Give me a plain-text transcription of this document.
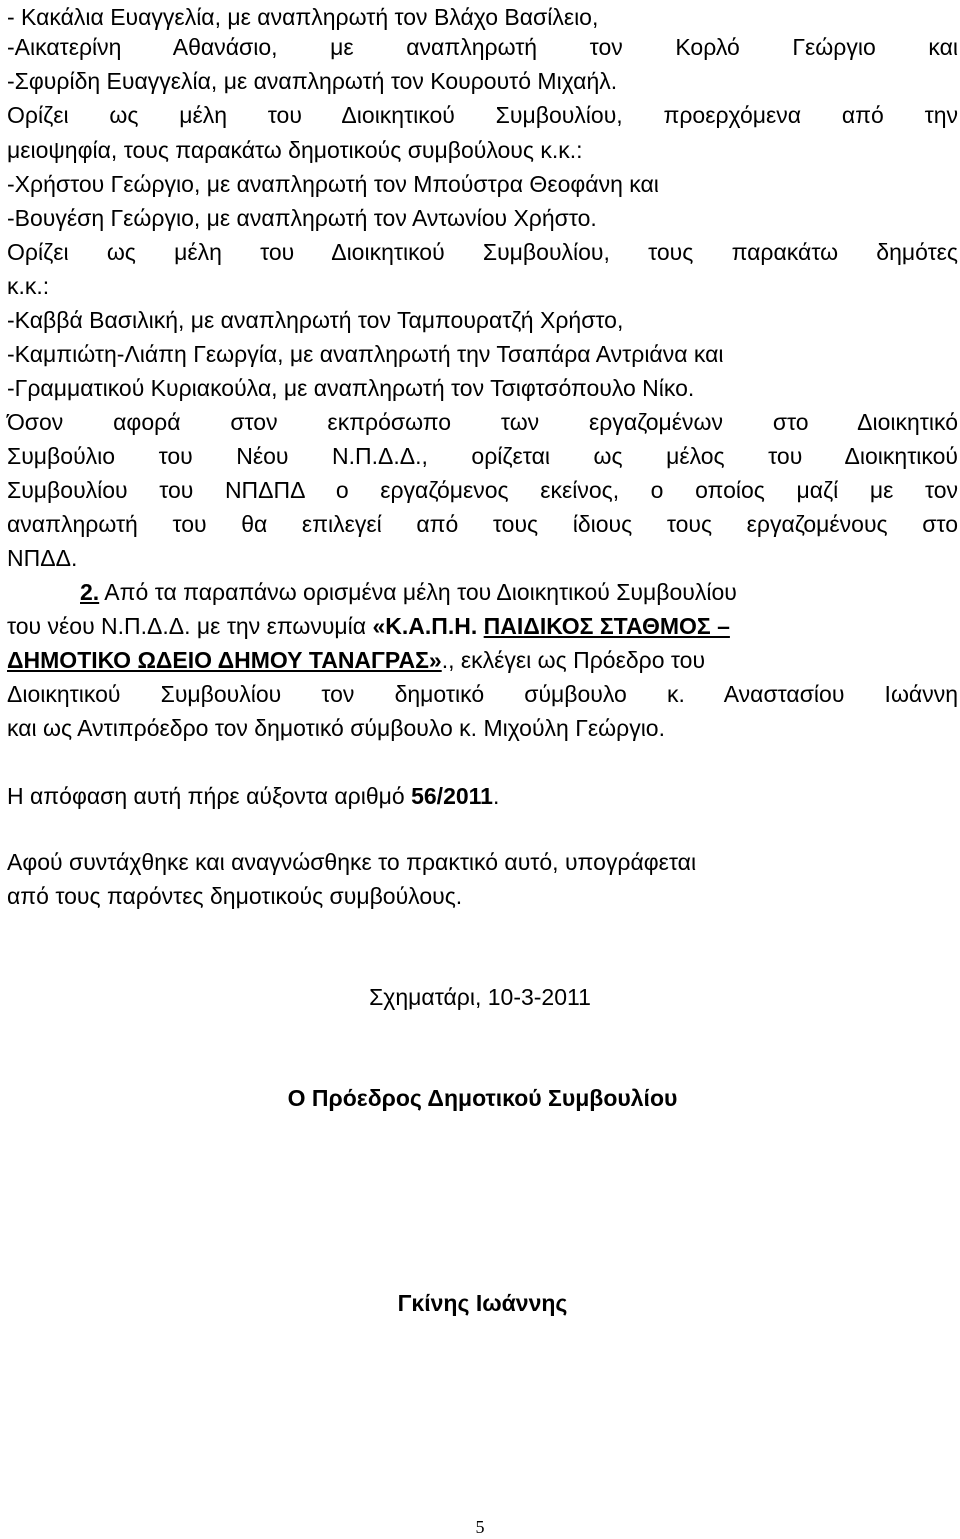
- Κακάλια Ευαγγελία, με αναπληρωτή τον Βλάχο Βασίλειο,
-Αικατερίνη Αθανάσιο, με αναπληρωτή τον Κορλό Γεώργιο και
-Σφυρίδη Ευαγγελία, με αναπληρωτή τον Κουρουτό Μιχαήλ.
Ορίζει ως μέλη του Διοικητικού Συμβουλίου, προερχόμενα από την
μειοψηφία, τους παρακάτω δημοτικούς συμβούλους κ.κ.:
-Χρήστου Γεώργιο, με αναπληρωτή τον Μπούστρα Θεοφάνη και
-Βουγέση Γεώργιο, με αναπληρωτή τον Αντωνίου Χρήστο.
Ορίζει ως μέλη του Διοικητικού Συμβουλίου, τους παρακάτω δημότες
κ.κ.:
-Καββά Βασιλική, με αναπληρωτή τον Ταμπουρατζή Χρήστο,
-Καμπιώτη-Λιάπη Γεωργία, με αναπληρωτή την Τσαπάρα Αντριάνα και
-Γραμματικού Κυριακούλα, με αναπληρωτή τον Τσιφτσόπουλο Νίκο.
Όσον αφορά στον εκπρόσωπο των εργαζομένων στο Διοικητικό
Συμβούλιο του Νέου Ν.Π.Δ.Δ., ορίζεται ως μέλος του Διοικητικού
Συμβουλίου του ΝΠΔΠΔ ο εργαζόμενος εκείνος, ο οποίος μαζί με τον
αναπληρωτή του θα επιλεγεί από τους ίδιους τους εργαζομένους στο
ΝΠΔΔ.
2. Από τα παραπάνω ορισμένα μέλη του Διοικητικού Συμβουλίου
του νέου Ν.Π.Δ.Δ. με την επωνυμία «Κ.Α.Π.Η. ΠΑΙΔΙΚΟΣ ΣΤΑΘΜΟΣ –
ΔΗΜΟΤΙΚΟ ΩΔΕΙΟ ΔΗΜΟΥ ΤΑΝΑΓΡΑΣ»., εκλέγει ως Πρόεδρο του
Διοικητικού Συμβουλίου τον δημοτικό σύμβουλο κ. Αναστασίου Ιωάννη
και ως Αντιπρόεδρο τον δημοτικό σύμβουλο κ. Μιχούλη Γεώργιο.
Η απόφαση αυτή πήρε αύξοντα αριθμό 56/2011.
Αφού συντάχθηκε και αναγνώσθηκε το πρακτικό αυτό, υπογράφεται
από τους παρόντες δημοτικούς συμβούλους.
Σχηματάρι, 10-3-2011
Ο Πρόεδρος Δημοτικού Συμβουλίου
Γκίνης Ιωάννης
5
